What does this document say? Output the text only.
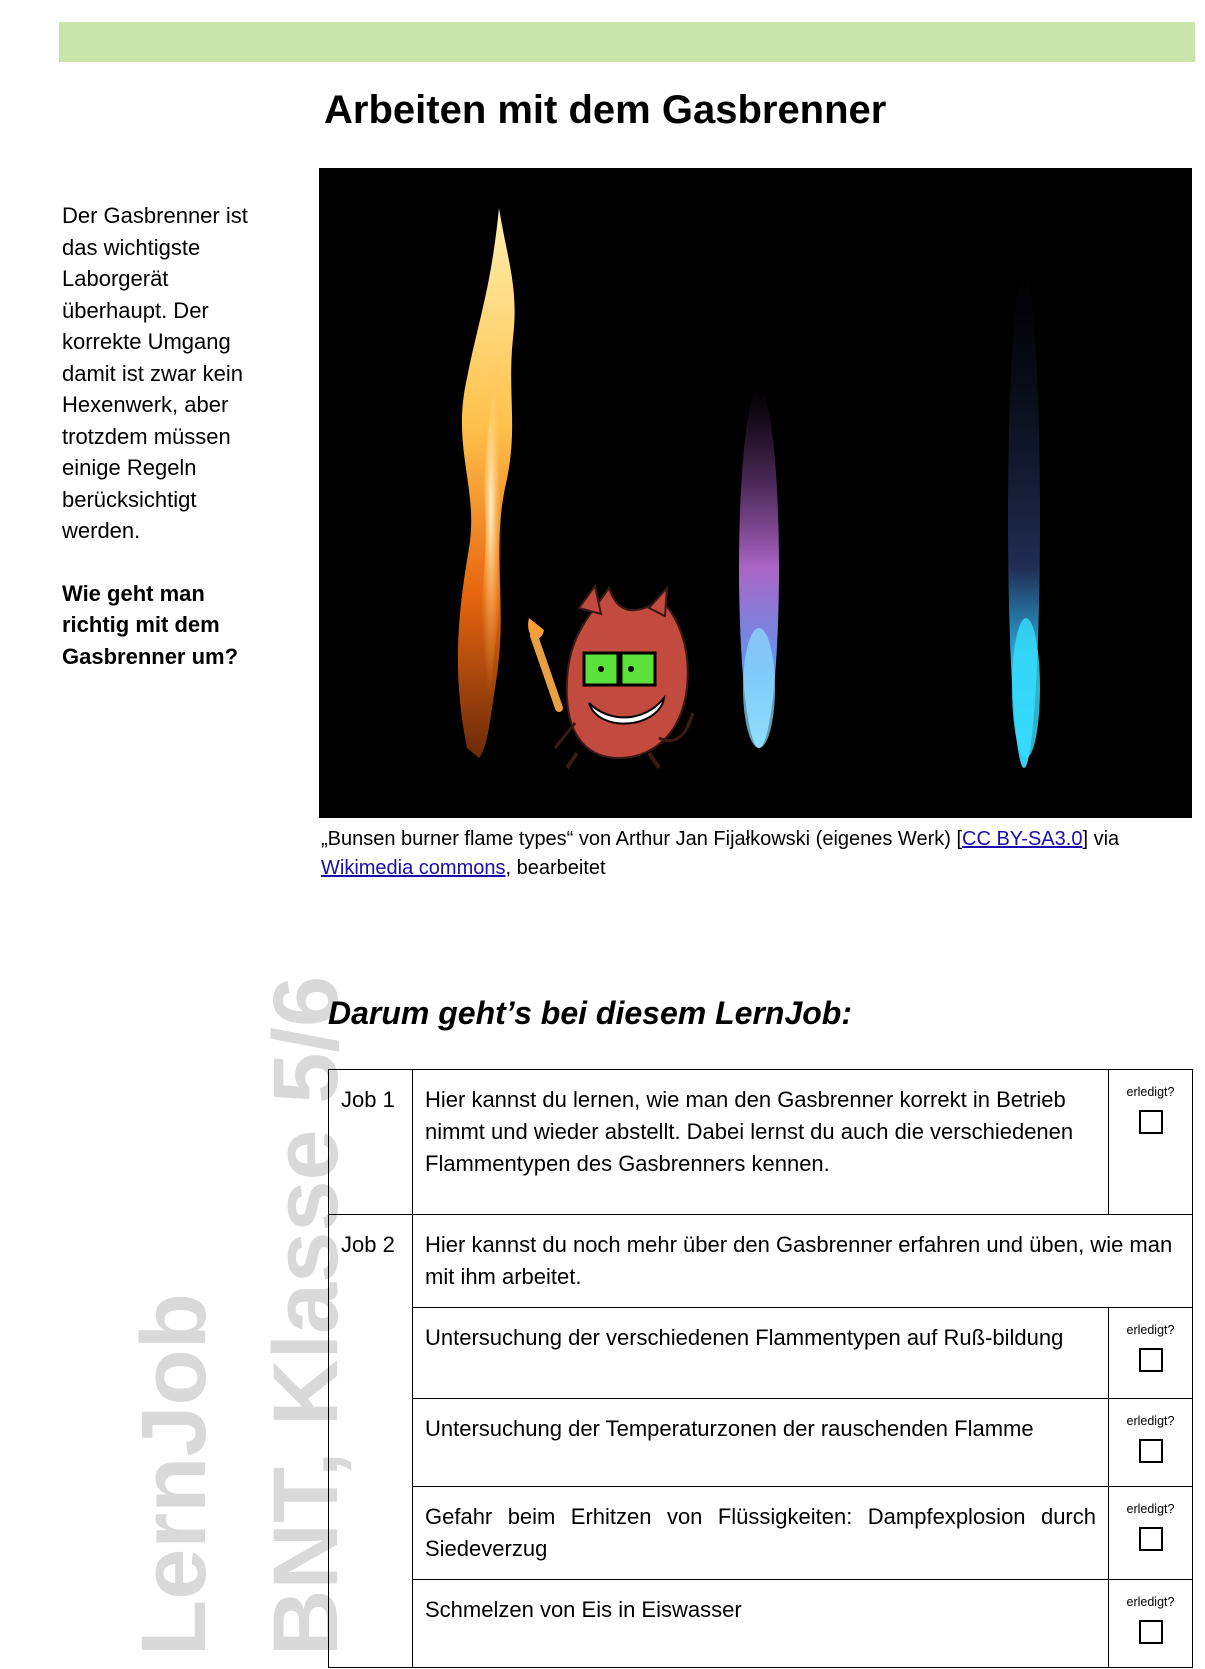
Arbeiten mit dem Gasbrenner
Der Gasbrenner ist das wichtigste Laborgerät überhaupt. Der korrekte Umgang damit ist zwar kein Hexenwerk, aber trotzdem müssen einige Regeln berücksichtigt werden.
Wie geht man richtig mit dem Gasbrenner um?
„Bunsen burner flame types“ von Arthur Jan Fijałkowski (eigenes Werk) [CC BY-SA3.0] via Wikimedia commons, bearbeitet
LernJob BNT, Klasse 5/6
Darum geht’s bei diesem LernJob:
Job 1	Hier kannst du lernen, wie man den Gasbrenner korrekt in Betrieb nimmt und wieder abstellt. Dabei lernst du auch die verschiedenen Flammentypen des Gasbrenners kennen.	erledigt?

Job 2	Hier kannst du noch mehr über den Gasbrenner erfahren und üben, wie man mit ihm arbeitet.	
	Untersuchung der verschiedenen Flammentypen auf Ruß-bildung	erledigt?

	Untersuchung der Temperaturzonen der rauschenden Flamme	erledigt?

	Gefahr beim Erhitzen von Flüssigkeiten: Dampfexplosion durch Siedeverzug	erledigt?

	Schmelzen von Eis in Eiswasser	erledigt?
